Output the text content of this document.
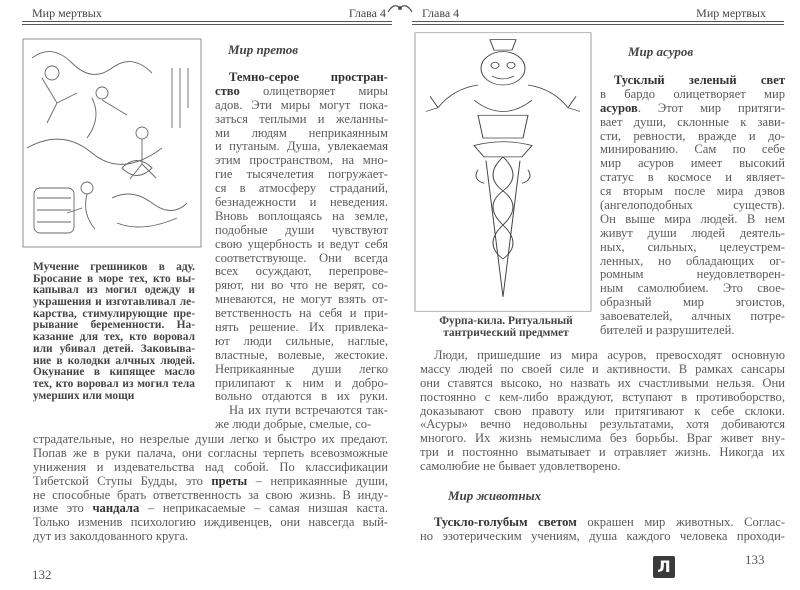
Мир мертвых	Глава 4
Мучение грешников в аду.
Бросание в море тех, кто вы-
капывал из могил одежду и
украшения и изготавливал ле-
карства, стимулирующие пре-
рывание беременности. На-
казание для тех, кто воровал
или убивал детей. Заковыва-
ние в колодки алчных людей.
Окунание в кипящее масло
тех, кто воровал из могил тела
умерших или мощи
Мир претов
Темно-серое простран-
ство олицетворяет миры
адов. Эти миры могут пока-
заться теплыми и желанны-
ми людям неприкаянным
и путаным. Душа, увлекаемая
этим пространством, на мно-
гие тысячелетия погружает-
ся в атмосферу страданий,
безнадежности и неведения.
Вновь воплощаясь на земле,
подобные души чувствуют
свою ущербность и ведут себя
соответствующе. Они всегда
всех осуждают, перепрове-
ряют, ни во что не верят, со-
мневаются, не могут взять от-
ветственность на себя и при-
нять решение. Их привлека-
ют люди сильные, наглые,
властные, волевые, жестокие.
Неприкаянные души легко
прилипают к ним и добро-
вольно отдаются в их руки.
На их пути встречаются так-
же люди добрые, смелые, со-
страдательные, но незрелые души легко и быстро их предают.
Попав же в руки палача, они согласны терпеть всевозможные
унижения и издевательства над собой. По классификации
Тибетской Ступы Будды, это преты – неприкаянные души,
не способные брать ответственность за свою жизнь. В инду-
изме это чандала – неприкасаемые – самая низшая каста.
Только изменив психологию иждивенцев, они навсегда вый-
дут из заколдованного круга.
132
Глава 4	Мир мертвых
Фурпа-кила. Ритуальный
тантрический предммет
Мир асуров
Тусклый зеленый свет
в бардо олицетворяет мир
асуров. Этот мир притяги-
вает души, склонные к зави-
сти, ревности, вражде и до-
минированию. Сам по себе
мир асуров имеет высокий
статус в космосе и являет-
ся вторым после мира дэвов
(ангелоподобных существ).
Он выше мира людей. В нем
живут души людей деятель-
ных, сильных, целеустрем-
ленных, но обладающих ог-
ромным неудовлетворен-
ным самолюбием. Это свое-
образный мир эгоистов,
завоевателей, алчных потре-
бителей и разрушителей.
Люди, пришедшие из мира асуров, превосходят основную
массу людей по своей силе и активности. В рамках сансары
они ставятся высоко, но назвать их счастливыми нельзя. Они
постоянно с кем-либо враждуют, вступают в противоборство,
доказывают свою правоту или притягивают к себе склоки.
«Асуры» вечно недовольны результатами, хотя добиваются
многого. Их жизнь немыслима без борьбы. Враг живет вну-
три и постоянно выматывает и отравляет жизнь. Никогда их
самолюбие не бывает удовлетворено.
Мир животных
Тускло-голубым светом окрашен мир животных. Соглас-
но эзотерическим учениям, душа каждого человека проходи-
133
Л
